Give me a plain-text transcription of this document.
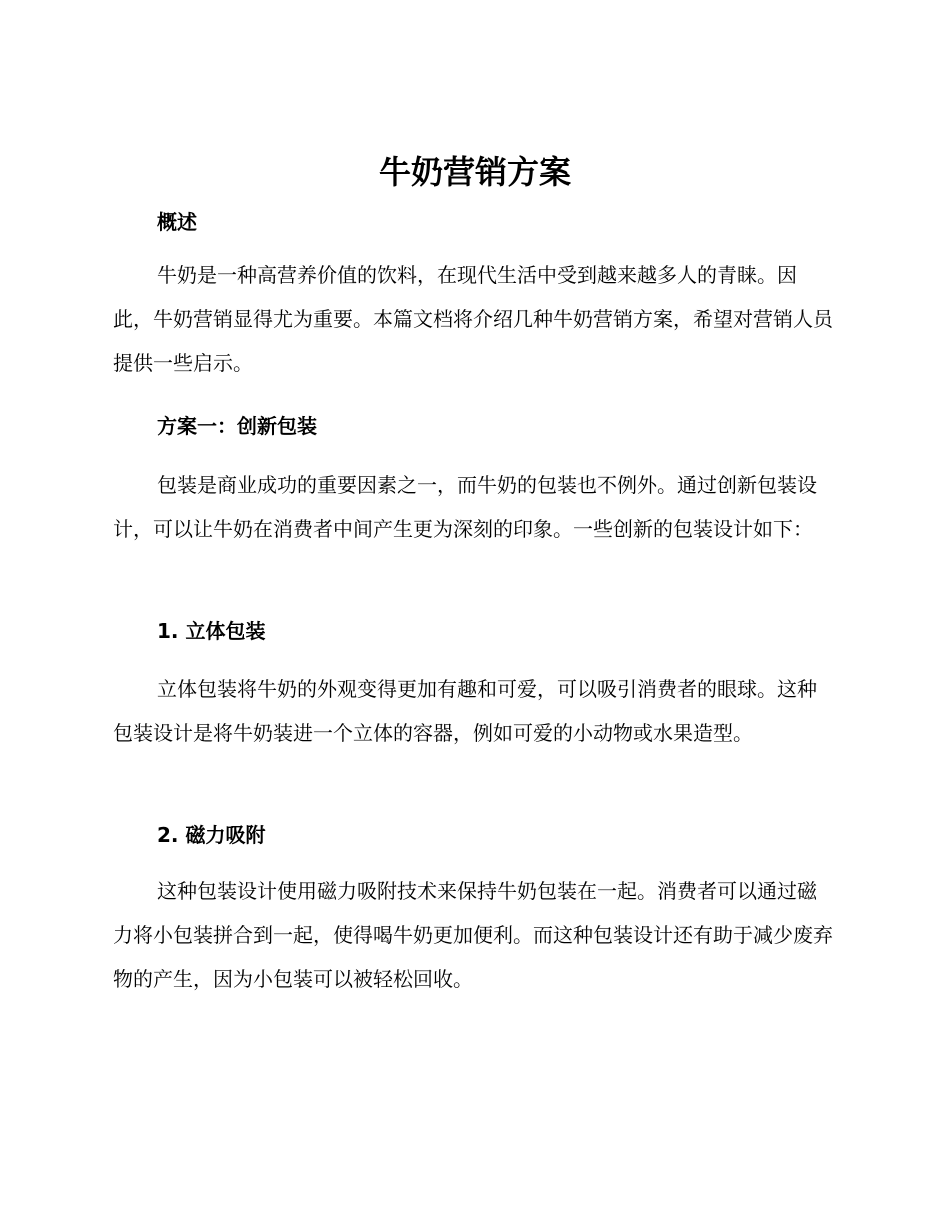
牛奶营销方案
概述

牛奶是一种高营养价值的饮料，在现代生活中受到越来越多人的青睐。因此，牛奶营销显得尤为重要。本篇文档将介绍几种牛奶营销方案，希望对营销人员提供一些启示。

方案一：创新包装

包装是商业成功的重要因素之一，而牛奶的包装也不例外。通过创新包装设计，可以让牛奶在消费者中间产生更为深刻的印象。一些创新的包装设计如下：

1. 立体包装

立体包装将牛奶的外观变得更加有趣和可爱，可以吸引消费者的眼球。这种包装设计是将牛奶装进一个立体的容器，例如可爱的小动物或水果造型。

2. 磁力吸附

这种包装设计使用磁力吸附技术来保持牛奶包装在一起。消费者可以通过磁力将小包装拼合到一起，使得喝牛奶更加便利。而这种包装设计还有助于减少废弃物的产生，因为小包装可以被轻松回收。
